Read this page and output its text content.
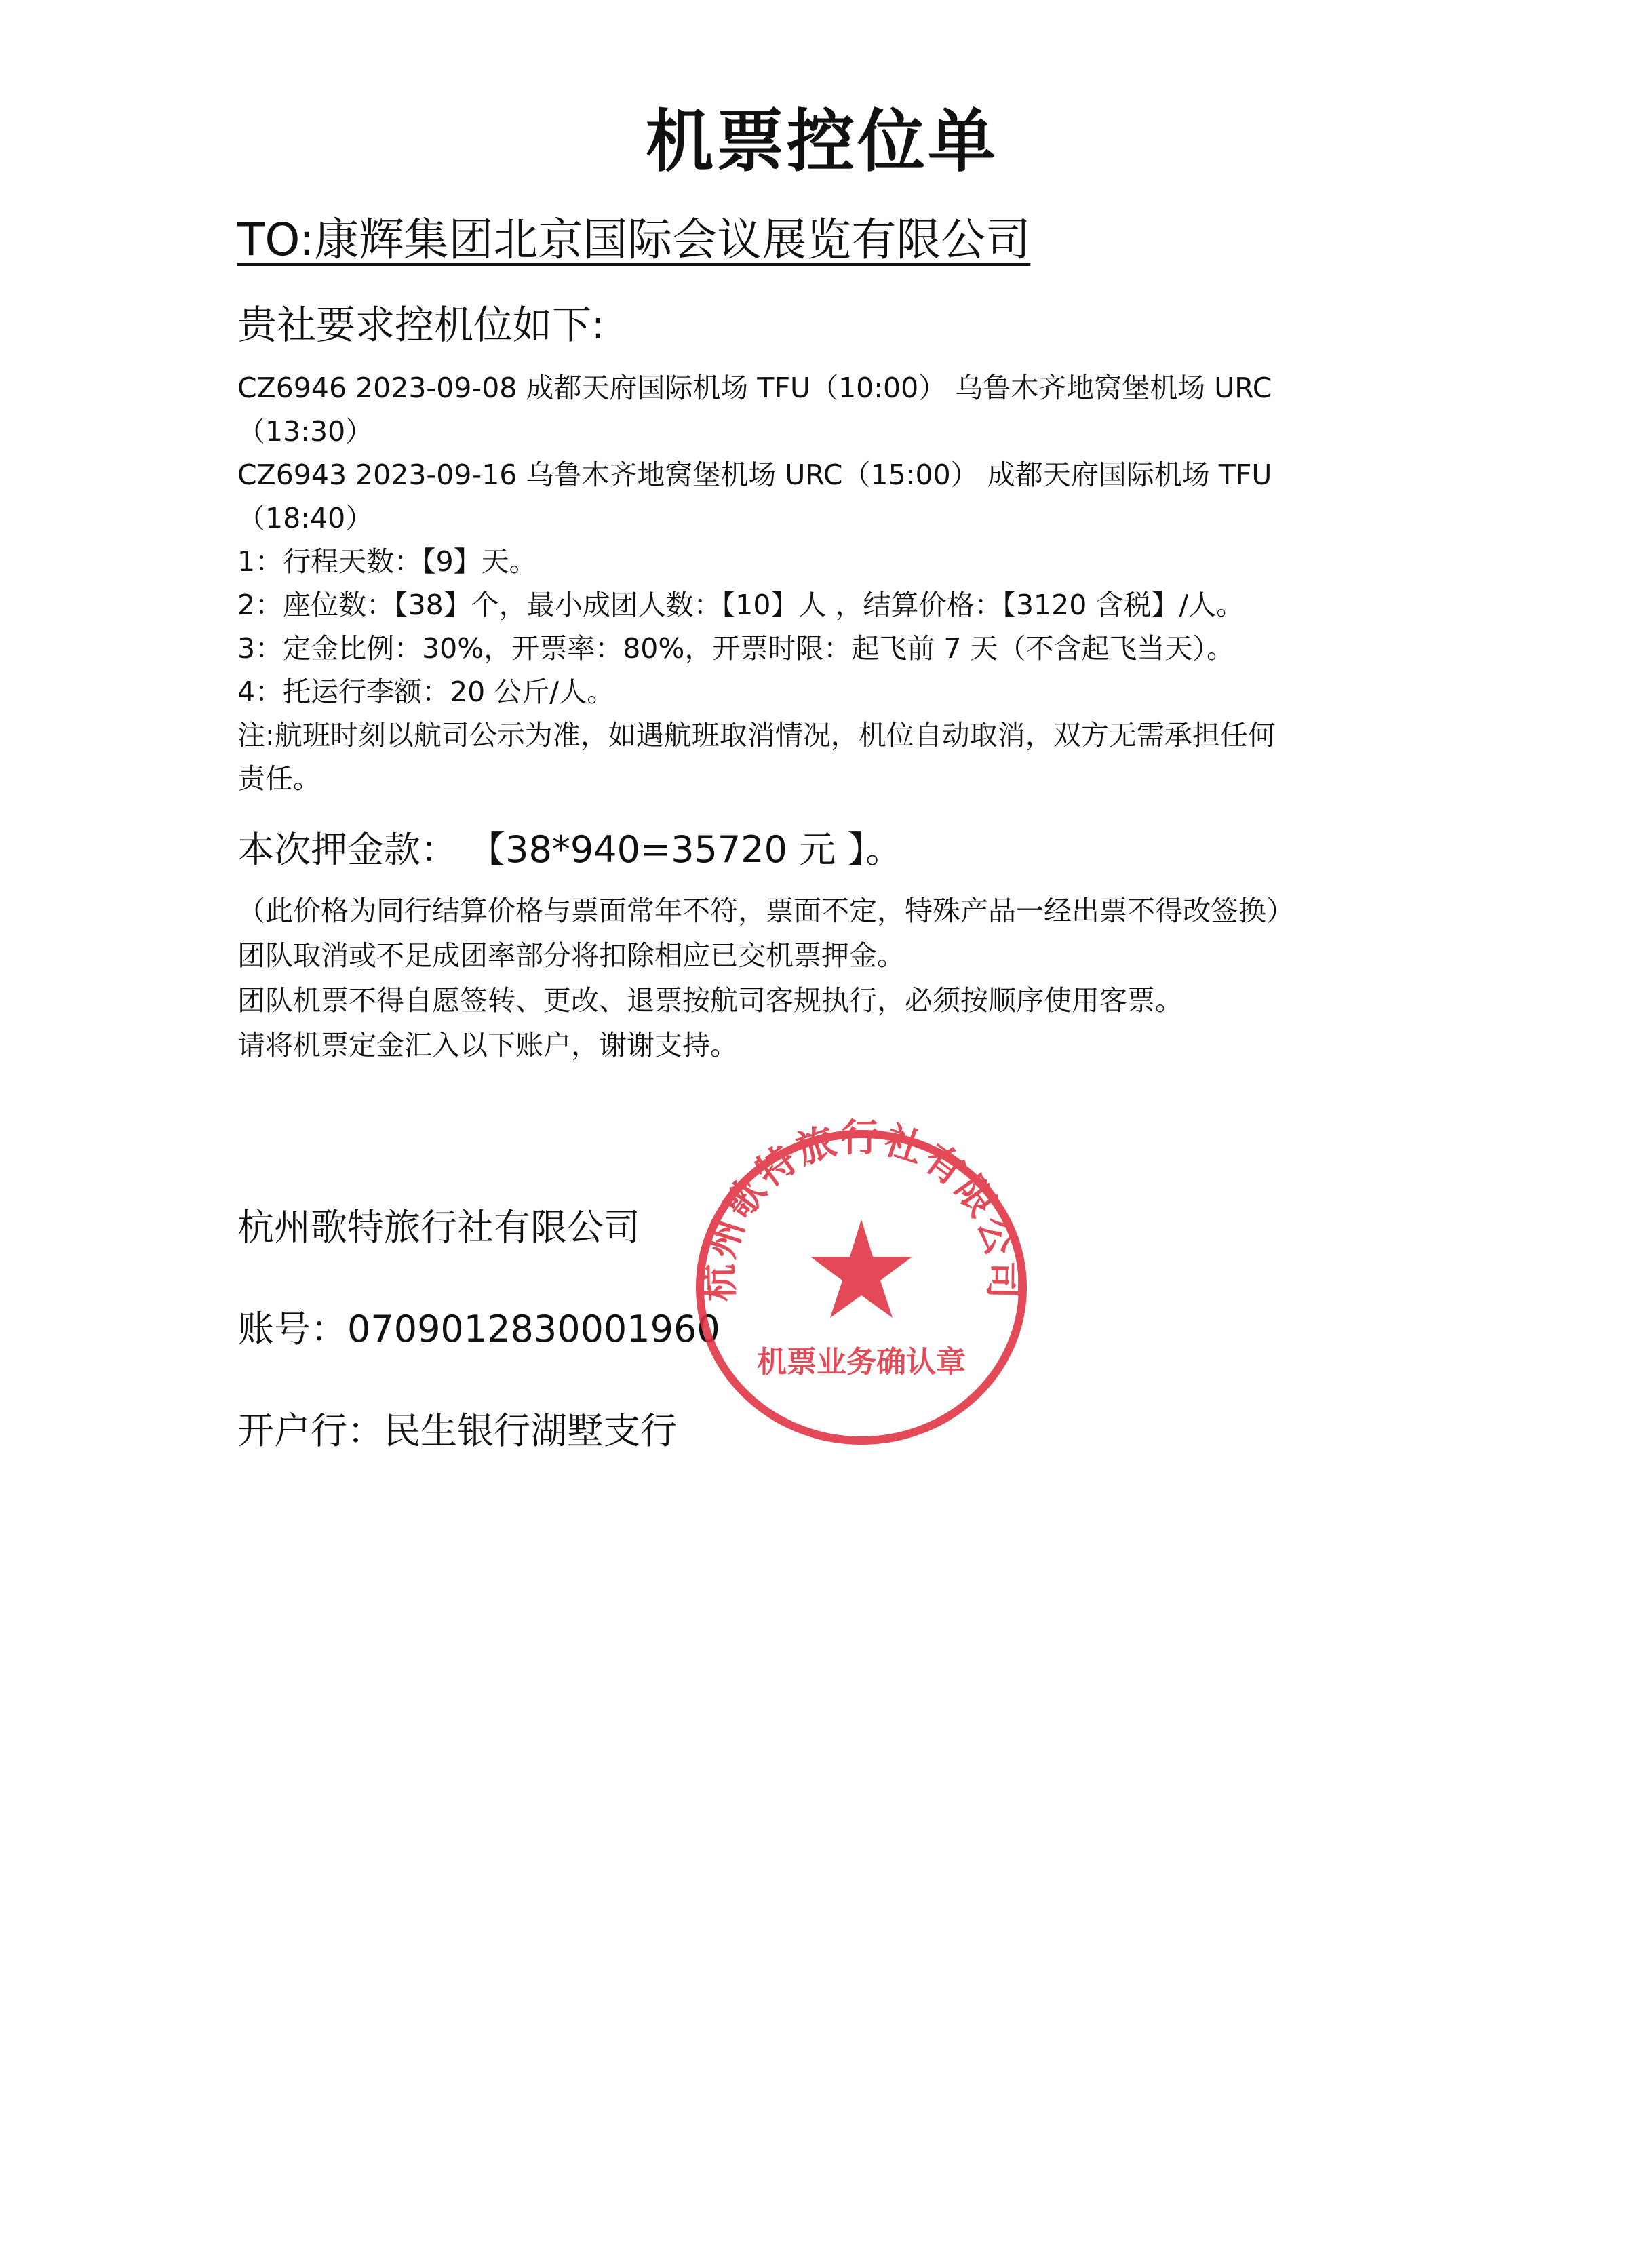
机票控位单
TO:康辉集团北京国际会议展览有限公司
贵社要求控机位如下:
CZ6946 2023-09-08 成都天府国际机场 TFU（10:00） 乌鲁木齐地窝堡机场 URC
（13:30）
CZ6943 2023-09-16 乌鲁木齐地窝堡机场 URC（15:00） 成都天府国际机场 TFU
（18:40）
1：行程天数：【9】天。
2：座位数：【38】个，最小成团人数：【10】人 ，结算价格：【3120 含税】/人。
3：定金比例：30%，开票率：80%，开票时限：起飞前 7 天（不含起飞当天）。
4：托运行李额：20 公斤/人。
注:航班时刻以航司公示为准，如遇航班取消情况，机位自动取消，双方无需承担任何
责任。
本次押金款： 【38*940=35720 元 】。
（此价格为同行结算价格与票面常年不符，票面不定，特殊产品一经出票不得改签换）
团队取消或不足成团率部分将扣除相应已交机票押金。
团队机票不得自愿签转、更改、退票按航司客规执行，必须按顺序使用客票。
请将机票定金汇入以下账户，谢谢支持。
杭州歌特旅行社有限公司
账号：0709012830001960
开户行：民生银行湖墅支行
杭州歌特旅行社有限公司
机票业务确认章
